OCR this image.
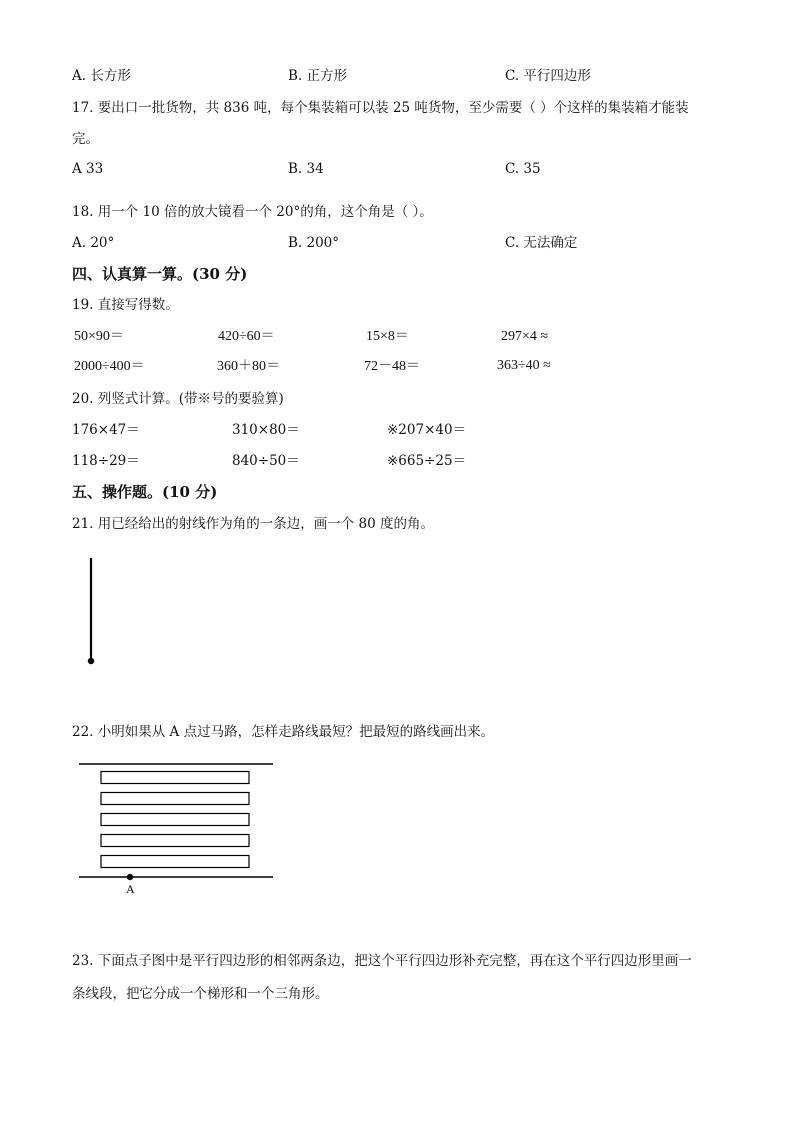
A. 长方形	B. 正方形	C. 平行四边形
17. 要出口一批货物，共 836 吨，每个集装箱可以装 25 吨货物，至少需要（ ）个这样的集装箱才能装
完。
A 33	B. 34	C. 35
18. 用一个 10 倍的放大镜看一个 20°的角，这个角是（ ）。
A. 20°	B. 200°	C. 无法确定
四、认真算一算。(30 分)
19. 直接写得数。
50×90＝	420÷60＝	15×8＝	297×4 ≈
2000÷400＝	360＋80＝	72－48＝	363÷40 ≈
20. 列竖式计算。(带※号的要验算)
176×47＝	310×80＝	※207×40＝
118÷29＝	840÷50＝	※665÷25＝
五、操作题。(10 分)
21. 用已经给出的射线作为角的一条边，画一个 80 度的角。
22. 小明如果从 A 点过马路，怎样走路线最短？把最短的路线画出来。
23. 下面点子图中是平行四边形的相邻两条边，把这个平行四边形补充完整，再在这个平行四边形里画一
条线段，把它分成一个梯形和一个三角形。
A
